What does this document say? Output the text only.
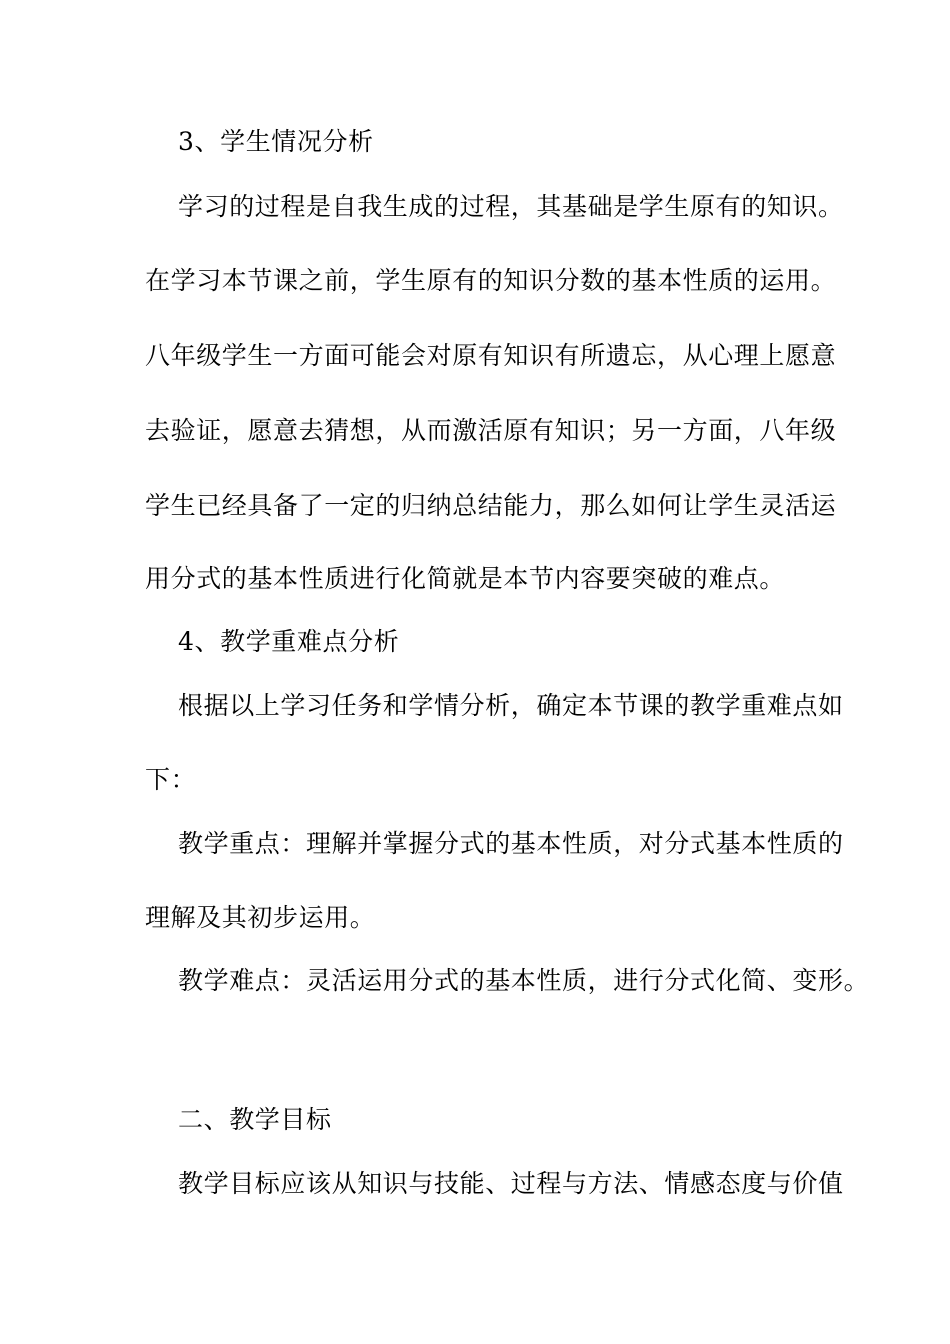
3、学生情况分析
学习的过程是自我生成的过程，其基础是学生原有的知识。
在学习本节课之前，学生原有的知识分数的基本性质的运用。
八年级学生一方面可能会对原有知识有所遗忘，从心理上愿意
去验证，愿意去猜想，从而激活原有知识；另一方面，八年级
学生已经具备了一定的归纳总结能力，那么如何让学生灵活运
用分式的基本性质进行化简就是本节内容要突破的难点。
4、教学重难点分析
根据以上学习任务和学情分析，确定本节课的教学重难点如
下：
教学重点：理解并掌握分式的基本性质，对分式基本性质的
理解及其初步运用。
教学难点：灵活运用分式的基本性质，进行分式化简、变形。
二、教学目标
教学目标应该从知识与技能、过程与方法、情感态度与价值
